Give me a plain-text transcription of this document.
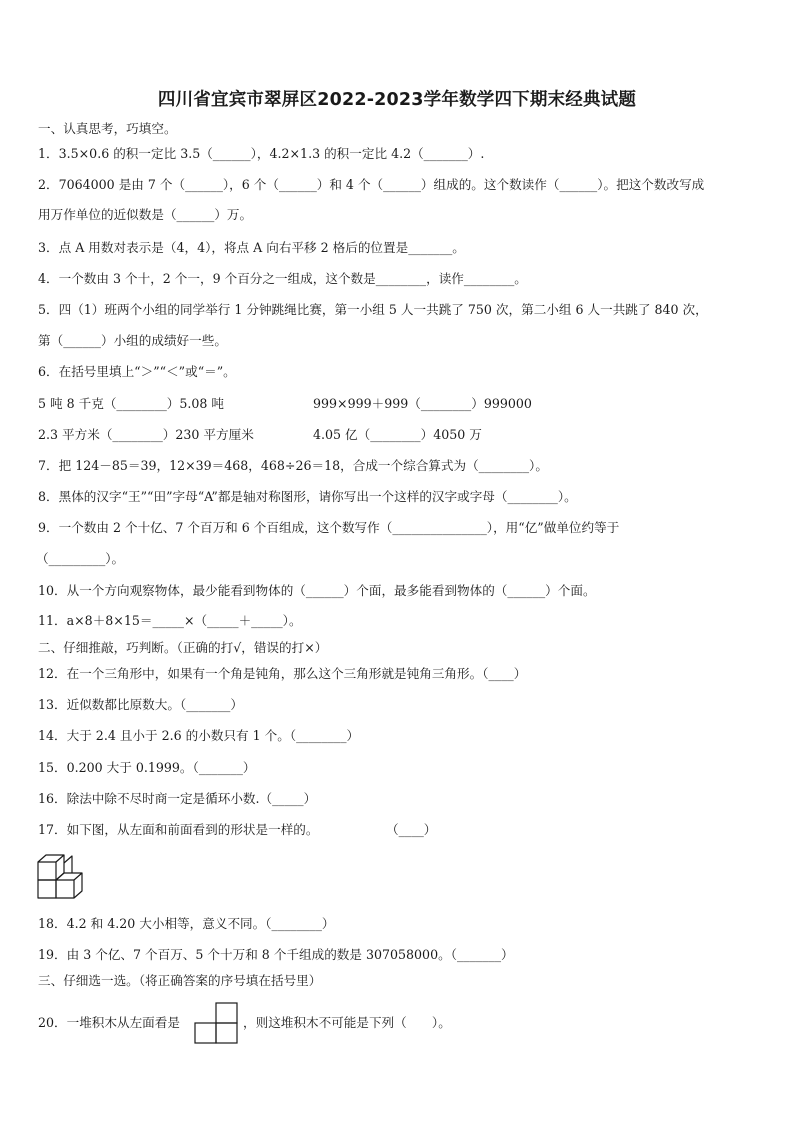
四川省宜宾市翠屏区2022-2023学年数学四下期末经典试题
一、认真思考，巧填空。
1．3.5×0.6 的积一定比 3.5（______），4.2×1.3 的积一定比 4.2（_______）.
2．7064000 是由 7 个（______），6 个（______）和 4 个（______）组成的。这个数读作（______）。把这个数改写成
用万作单位的近似数是（______）万。
3．点 A 用数对表示是（4，4），将点 A 向右平移 2 格后的位置是_______。
4．一个数由 3 个十，2 个一，9 个百分之一组成，这个数是________，读作________。
5．四（1）班两个小组的同学举行 1 分钟跳绳比赛，第一小组 5 人一共跳了 750 次，第二小组 6 人一共跳了 840 次，
第（______）小组的成绩好一些。
6．在括号里填上“＞”“＜”或“＝”。
5 吨 8 千克（________）5.08 吨	999×999＋999（________）999000
2.3 平方米（________）230 平方厘米	4.05 亿（________）4050 万
7．把 124－85＝39，12×39＝468，468÷26＝18，合成一个综合算式为（________）。
8．黑体的汉字“王”“田”字母“A”都是轴对称图形，请你写出一个这样的汉字或字母（________）。
9．一个数由 2 个十亿、7 个百万和 6 个百组成，这个数写作（_______________），用“亿”做单位约等于
（_________）。
10．从一个方向观察物体，最少能看到物体的（______）个面，最多能看到物体的（______）个面。
11．a×8＋8×15＝_____×（_____＋_____）。
二、仔细推敲，巧判断。（正确的打√，错误的打×）
12．在一个三角形中，如果有一个角是钝角，那么这个三角形就是钝角三角形。（____）
13．近似数都比原数大。（_______）
14．大于 2.4 且小于 2.6 的小数只有 1 个。（________）
15．0.200 大于 0.1999。（_______）
16．除法中除不尽时商一定是循环小数.（_____）
17．如下图，从左面和前面看到的形状是一样的。	（____）
18．4.2 和 4.20 大小相等，意义不同。（________）
19．由 3 个亿、7 个百万、5 个十万和 8 个千组成的数是 307058000。（_______）
三、仔细选一选。（将正确答案的序号填在括号里）
20．一堆积木从左面看是	，则这堆积木不可能是下列（　　）。
